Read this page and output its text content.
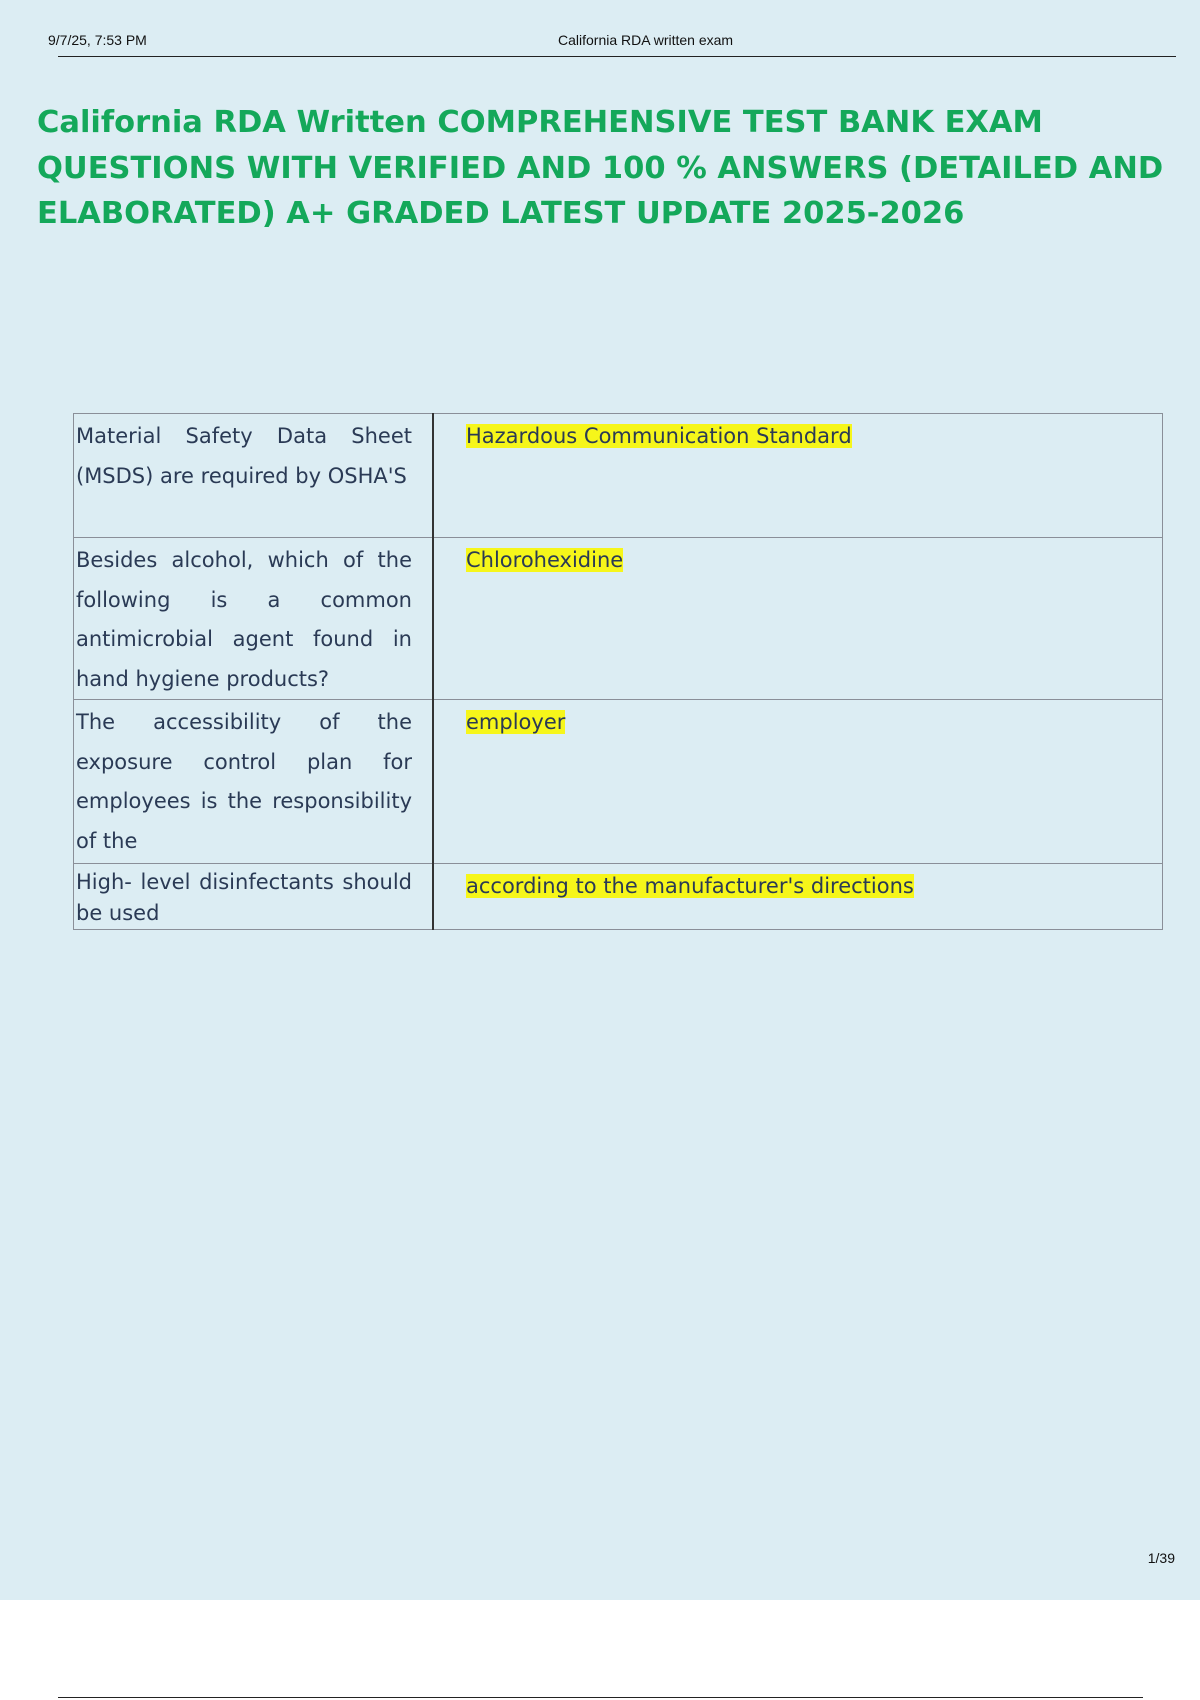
9/7/25, 7:53 PM	California RDA written exam
California RDA Written COMPREHENSIVE TEST BANK EXAM QUESTIONS WITH VERIFIED AND 100 % ANSWERS (DETAILED AND ELABORATED) A+ GRADED LATEST UPDATE 2025-2026
Material Safety Data Sheet (MSDS) are required by OSHA'S	Hazardous Communication Standard
Besides alcohol, which of the following is a common antimicrobial agent found in hand hygiene products?	Chlorohexidine
The accessibility of the exposure control plan for employees is the responsibility of the	employer
High- level disinfectants should be used	according to the manufacturer's directions
1/39
